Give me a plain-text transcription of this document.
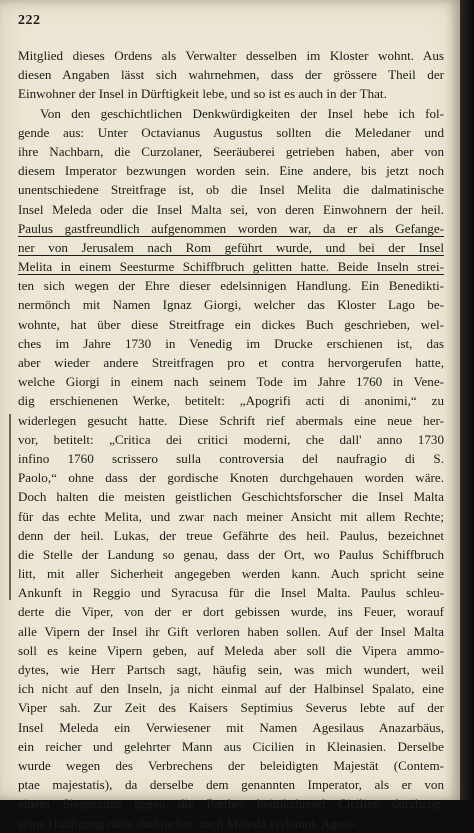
222
Mitglied dieses Ordens als Verwalter desselben im Kloster wohnt. Aus
diesen Angaben lässt sich wahrnehmen, dass der grössere Theil der
Einwohner der Insel in Dürftigkeit lebe, und so ist es auch in der That.
Von den geschichtlichen Denkwürdigkeiten der Insel hebe ich fol-
gende aus: Unter Octavianus Augustus sollten die Meledaner und
ihre Nachbarn, die Curzolaner, Seeräuberei getrieben haben, aber von
diesem Imperator bezwungen worden sein. Eine andere, bis jetzt noch
unentschiedene Streitfrage ist, ob die Insel Melita die dalmatinische
Insel Meleda oder die Insel Malta sei, von deren Einwohnern der heil.
Paulus gastfreundlich aufgenommen worden war, da er als Gefange-
ner von Jerusalem nach Rom geführt wurde, und bei der Insel
Melita in einem Seesturme Schiffbruch gelitten hatte. Beide Inseln strei-
ten sich wegen der Ehre dieser edelsinnigen Handlung. Ein Benedikti-
nermönch mit Namen Ignaz Giorgi, welcher das Kloster Lago be-
wohnte, hat über diese Streitfrage ein dickes Buch geschrieben, wel-
ches im Jahre 1730 in Venedig im Drucke erschienen ist, das
aber wieder andere Streitfragen pro et contra hervorgerufen hatte,
welche Giorgi in einem nach seinem Tode im Jahre 1760 in Vene-
dig erschienenen Werke, betitelt: „Apogrifi acti di anonimi,“ zu
widerlegen gesucht hatte. Diese Schrift rief abermals eine neue her-
vor, betitelt: „Critica dei critici moderni, che dall' anno 1730
infino 1760 scrissero sulla controversia del naufragio di S.
Paolo,“ ohne dass der gordische Knoten durchgehauen worden wäre.
Doch halten die meisten geistlichen Geschichtsforscher die Insel Malta
für das echte Melita, und zwar nach meiner Ansicht mit allem Rechte;
denn der heil. Lukas, der treue Gefährte des heil. Paulus, bezeichnet
die Stelle der Landung so genau, dass der Ort, wo Paulus Schiffbruch
litt, mit aller Sicherheit angegeben werden kann. Auch spricht seine
Ankunft in Reggio und Syracusa für die Insel Malta. Paulus schleu-
derte die Viper, von der er dort gebissen wurde, ins Feuer, worauf
alle Vipern der Insel ihr Gift verloren haben sollen. Auf der Insel Malta
soll es keine Vipern geben, auf Meleda aber soll die Vipera ammo-
dytes, wie Herr Partsch sagt, häufig sein, was mich wundert, weil
ich nicht auf den Inseln, ja nicht einmal auf der Halbinsel Spalato, eine
Viper sah. Zur Zeit des Kaisers Septimius Severus lebte auf der
Insel Meleda ein Verwiesener mit Namen Agesilaus Anazarbäus,
ein reicher und gelehrter Mann aus Cicilien in Kleinasien. Derselbe
wurde wegen des Verbrechens der beleidigten Majestät (Contem-
ptae majestatis), da derselbe dem genannten Imperator, als er von
einem Siegeszuge gegen die Parther heimkehrend Cicilien durchzog,
seine Huldigung nicht darbrachte, nach Meleda verbannt. Agesi-
